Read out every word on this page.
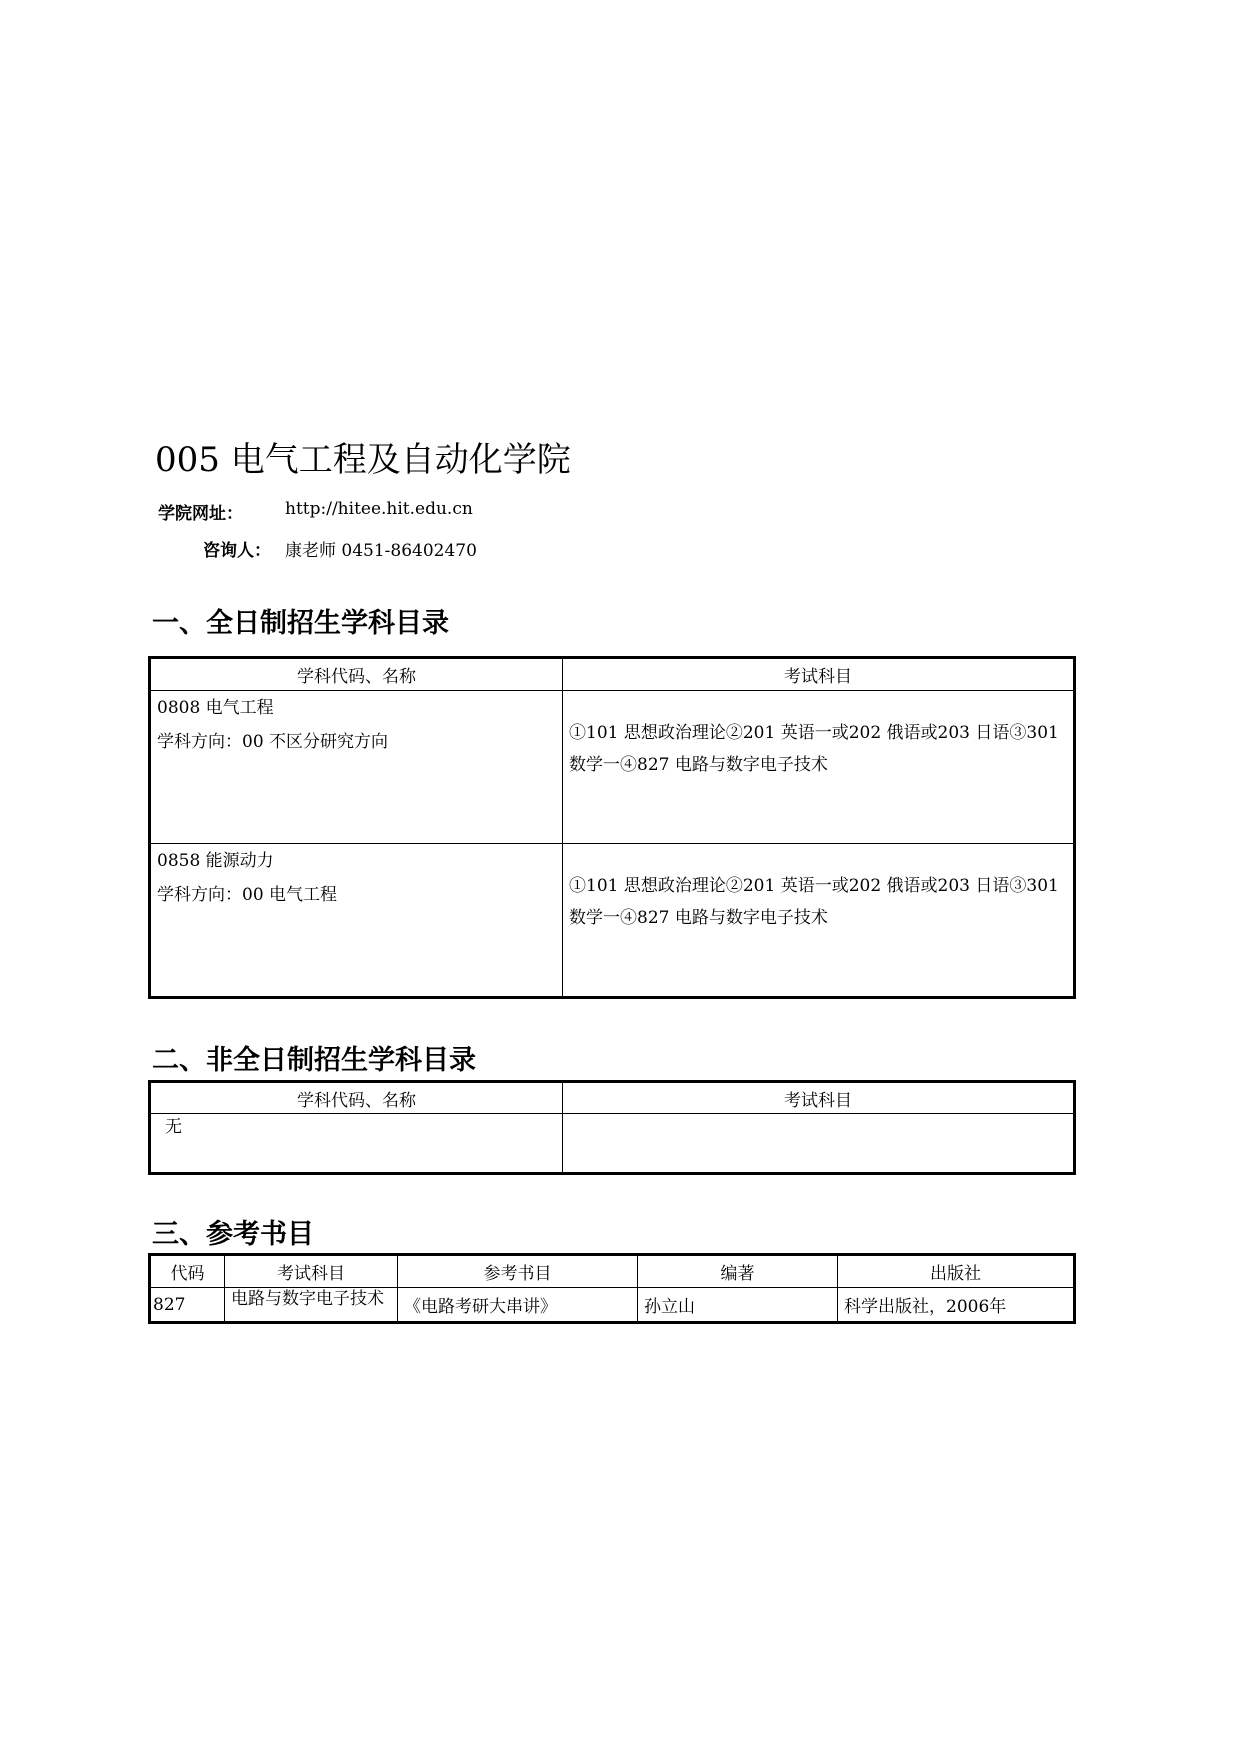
005 电气工程及自动化学院
学院网址： http://hitee.hit.edu.cn
咨询人： 康老师 0451-86402470
一、全日制招生学科目录
学科代码、名称	考试科目

0808 电气工程
学科方向：00 不区分研究方向	①101 思想政治理论②201 英语一或202 俄语或203 日语③301 数学一④827 电路与数字电子技术

0858 能源动力
学科方向：00 电气工程	①101 思想政治理论②201 英语一或202 俄语或203 日语③301 数学一④827 电路与数字电子技术
二、非全日制招生学科目录
学科代码、名称	考试科目

无	

三、参考书目
代码	考试科目	参考书目	编著	出版社
827	电路与数字电子技术	《电路考研大串讲》	孙立山	科学出版社，2006年
